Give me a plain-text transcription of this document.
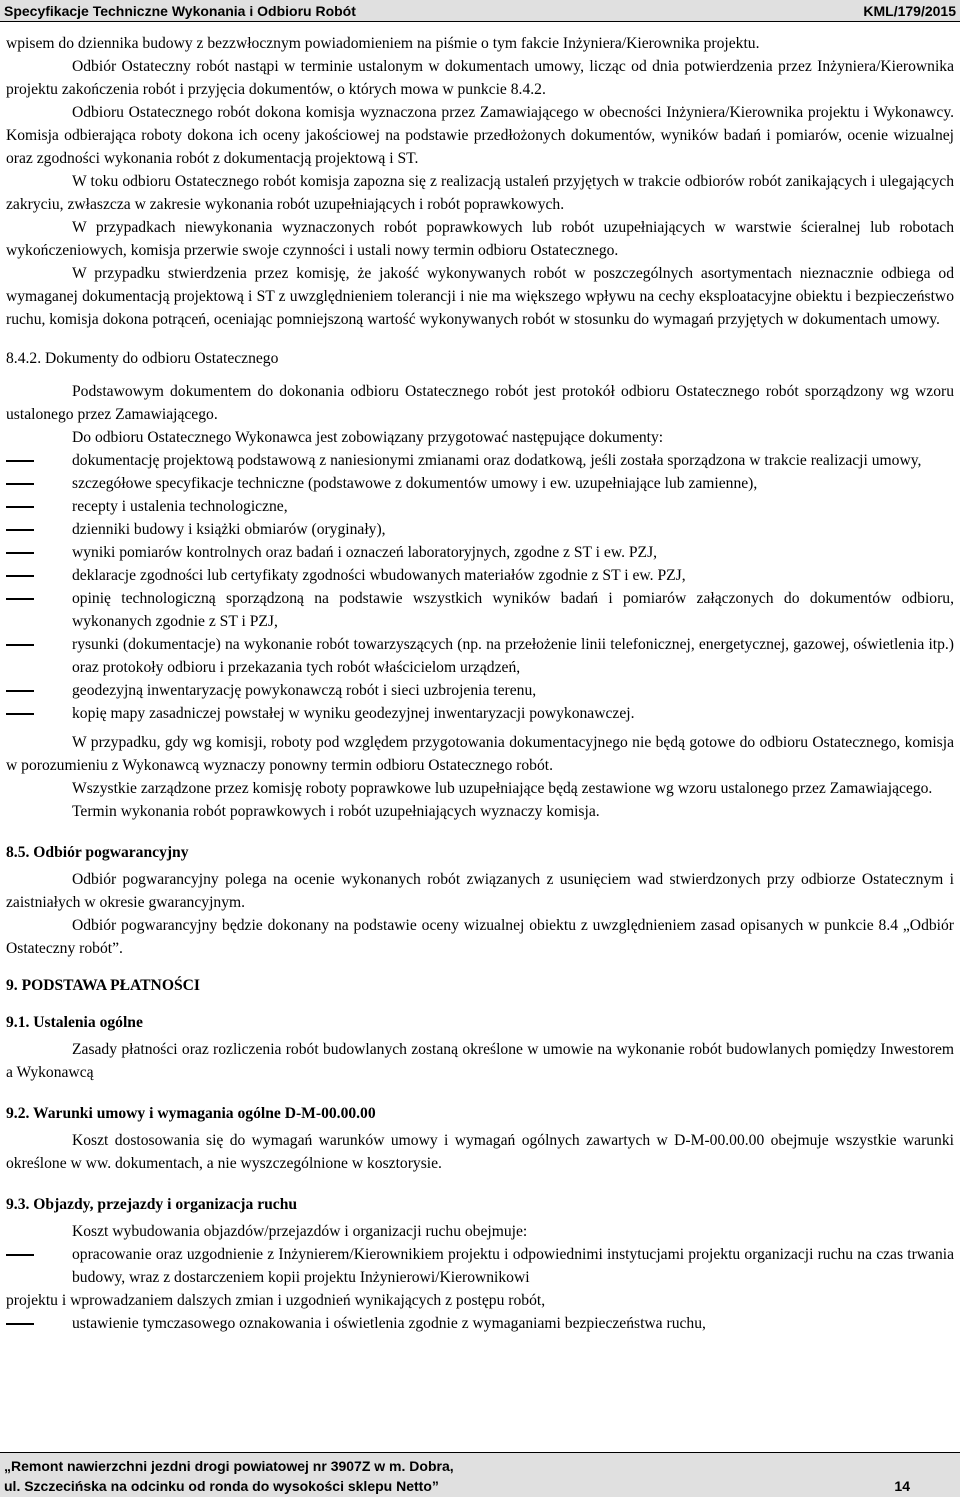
Specyfikacje Techniczne Wykonania i Odbioru Robót	KML/179/2015

wpisem do dziennika budowy z bezzwłocznym powiadomieniem na piśmie o tym fakcie Inżyniera/Kierownika projektu.

Odbiór Ostateczny robót nastąpi w terminie ustalonym w dokumentach umowy, licząc od dnia potwierdzenia przez Inżyniera/Kierownika projektu zakończenia robót i przyjęcia dokumentów, o których mowa w punkcie 8.4.2.

Odbioru Ostatecznego robót dokona komisja wyznaczona przez Zamawiającego w obecności Inżyniera/Kierownika projektu i Wykonawcy. Komisja odbierająca roboty dokona ich oceny jakościowej na podstawie przedłożonych dokumentów, wyników badań i pomiarów, ocenie wizualnej oraz zgodności wykonania robót z dokumentacją projektową i ST.

W toku odbioru Ostatecznego robót komisja zapozna się z realizacją ustaleń przyjętych w trakcie odbiorów robót zanikających i ulegających zakryciu, zwłaszcza w zakresie wykonania robót uzupełniających i robót poprawkowych.

W przypadkach niewykonania wyznaczonych robót poprawkowych lub robót uzupełniających w warstwie ścieralnej lub robotach wykończeniowych, komisja przerwie swoje czynności i ustali nowy termin odbioru Ostatecznego.

W przypadku stwierdzenia przez komisję, że jakość wykonywanych robót w poszczególnych asortymentach nieznacznie odbiega od wymaganej dokumentacją projektową i ST z uwzględnieniem tolerancji i nie ma większego wpływu na cechy eksploatacyjne obiektu i bezpieczeństwo ruchu, komisja dokona potrąceń, oceniając pomniejszoną wartość wykonywanych robót w stosunku do wymagań przyjętych w dokumentach umowy.

8.4.2. Dokumenty do odbioru Ostatecznego

Podstawowym dokumentem do dokonania odbioru Ostatecznego robót jest protokół odbioru Ostatecznego robót sporządzony wg wzoru ustalonego przez Zamawiającego.

Do odbioru Ostatecznego Wykonawca jest zobowiązany przygotować następujące dokumenty:

dokumentację projektową podstawową z naniesionymi zmianami oraz dodatkową, jeśli została sporządzona w trakcie realizacji umowy,
szczegółowe specyfikacje techniczne (podstawowe z dokumentów umowy i ew. uzupełniające lub zamienne),
recepty i ustalenia technologiczne,
dzienniki budowy i książki obmiarów (oryginały),
wyniki pomiarów kontrolnych oraz badań i oznaczeń laboratoryjnych, zgodne z ST i ew. PZJ,
deklaracje zgodności lub certyfikaty zgodności wbudowanych materiałów zgodnie z ST i ew. PZJ,
opinię technologiczną sporządzoną na podstawie wszystkich wyników badań i pomiarów załączonych do dokumentów odbioru, wykonanych zgodnie z ST i PZJ,
rysunki (dokumentacje) na wykonanie robót towarzyszących (np. na przełożenie linii telefonicznej, energetycznej, gazowej, oświetlenia itp.) oraz protokoły odbioru i przekazania tych robót właścicielom urządzeń,
geodezyjną inwentaryzację powykonawczą robót i sieci uzbrojenia terenu,
kopię mapy zasadniczej powstałej w wyniku geodezyjnej inwentaryzacji powykonawczej.

W przypadku, gdy wg komisji, roboty pod względem przygotowania dokumentacyjnego nie będą gotowe do odbioru Ostatecznego, komisja w porozumieniu z Wykonawcą wyznaczy ponowny termin odbioru Ostatecznego robót.

Wszystkie zarządzone przez komisję roboty poprawkowe lub uzupełniające będą zestawione wg wzoru ustalonego przez Zamawiającego.

Termin wykonania robót poprawkowych i robót uzupełniających wyznaczy komisja.

8.5. Odbiór pogwarancyjny

Odbiór pogwarancyjny polega na ocenie wykonanych robót związanych z usunięciem wad stwierdzonych przy odbiorze Ostatecznym i zaistniałych w okresie gwarancyjnym.

Odbiór pogwarancyjny będzie dokonany na podstawie oceny wizualnej obiektu z uwzględnieniem zasad opisanych w punkcie 8.4 „Odbiór Ostateczny robót”.

9. PODSTAWA PŁATNOŚCI

9.1. Ustalenia ogólne

Zasady płatności oraz rozliczenia robót budowlanych zostaną określone w umowie na wykonanie robót budowlanych pomiędzy Inwestorem a Wykonawcą

9.2. Warunki umowy i wymagania ogólne D-M-00.00.00

Koszt dostosowania się do wymagań warunków umowy i wymagań ogólnych zawartych w D-M-00.00.00 obejmuje wszystkie warunki określone w ww. dokumentach, a nie wyszczególnione w kosztorysie.

9.3. Objazdy, przejazdy i organizacja ruchu

Koszt wybudowania objazdów/przejazdów i organizacji ruchu obejmuje:

opracowanie oraz uzgodnienie z Inżynierem/Kierownikiem projektu i odpowiednimi instytucjami projektu organizacji ruchu na czas trwania budowy, wraz z dostarczeniem kopii projektu Inżynierowi/Kierownikowi

projektu i wprowadzaniem dalszych zmian i uzgodnień wynikających z postępu robót,

ustawienie tymczasowego oznakowania i oświetlenia zgodnie z wymaganiami bezpieczeństwa ruchu,
„Remont nawierzchni jezdni drogi powiatowej nr 3907Z w m. Dobra,
ul. Szczecińska na odcinku od ronda do wysokości sklepu Netto”	14
